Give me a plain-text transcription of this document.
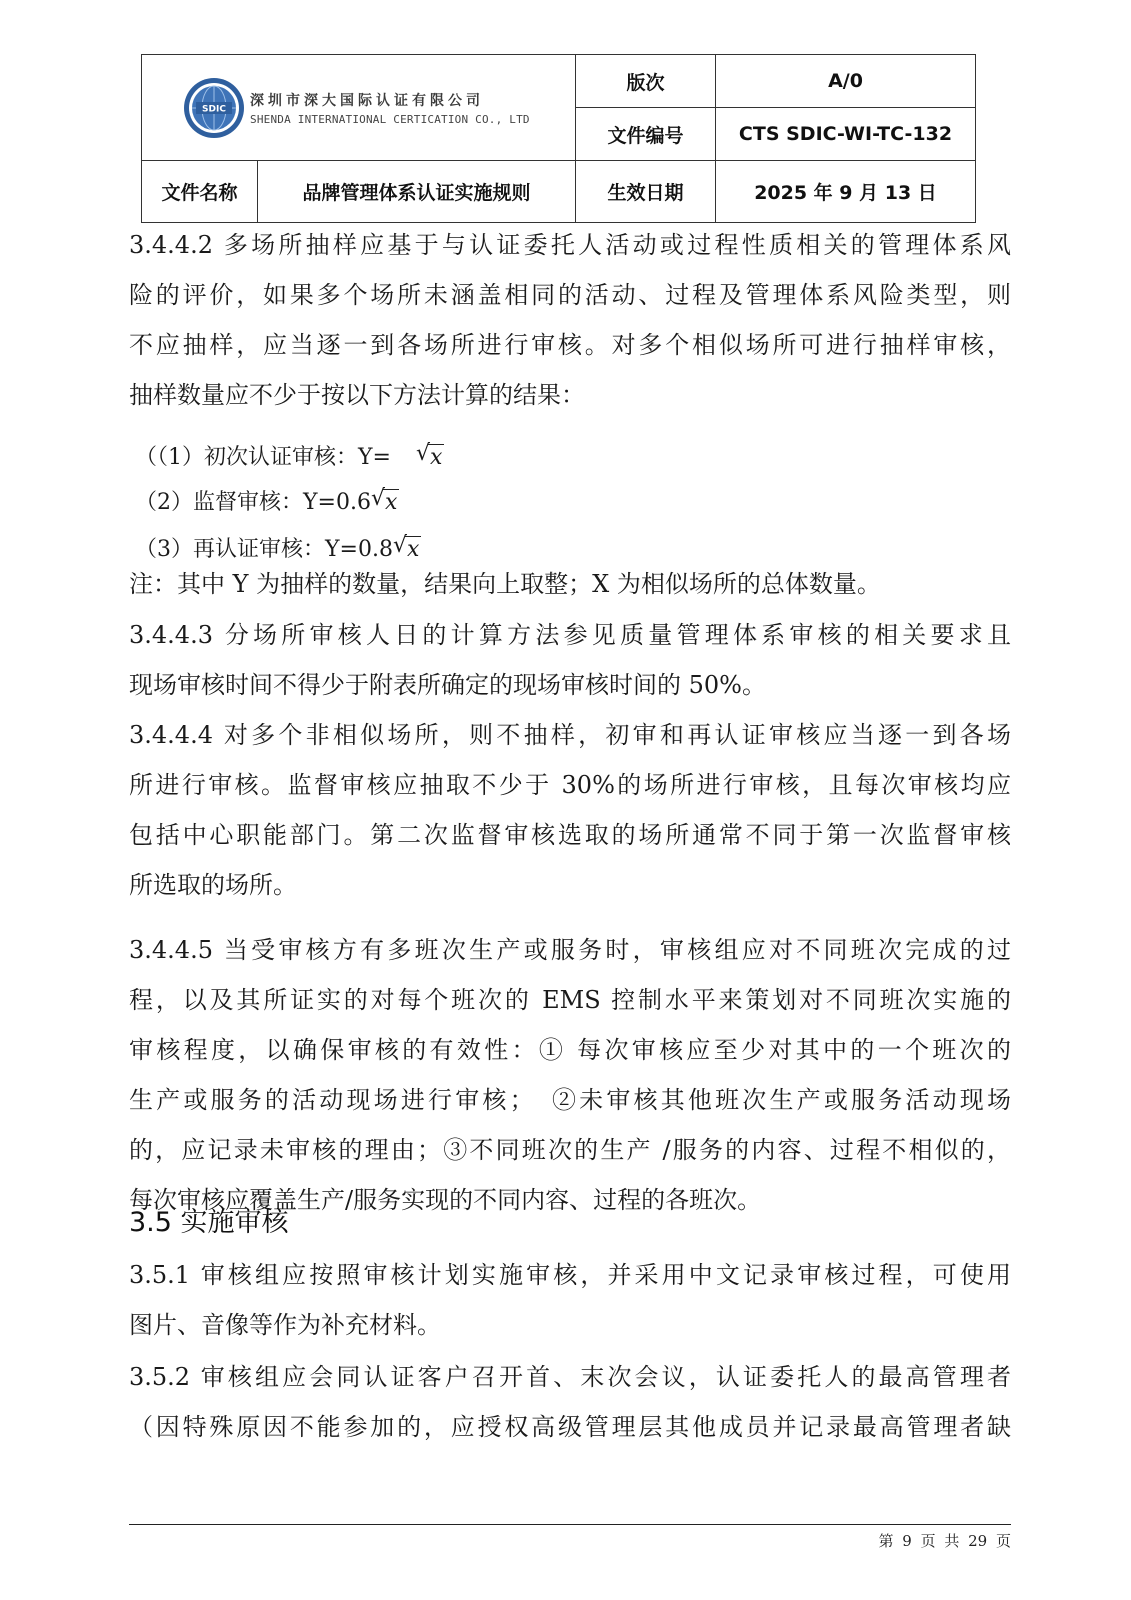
SDIC
深圳市深大国际认证有限公司
SHENDA INTERNATIONAL CERTICATION CO., LTD		版次	A/0
		文件编号	CTS SDIC-WI-TC-132
文件名称	品牌管理体系认证实施规则	生效日期	2025 年 9 月 13 日

3.4.4.2 多场所抽样应基于与认证委托人活动或过程性质相关的管理体系风

险的评价，如果多个场所未涵盖相同的活动、过程及管理体系风险类型，则

不应抽样，应当逐一到各场所进行审核。对多个相似场所可进行抽样审核，

抽样数量应不少于按以下方法计算的结果：

（（1）初次认证审核：Y= √ x
（2）监督审核：Y=0.6 √ x
（3）再认证审核：Y=0.8 √ x

注：其中 Y 为抽样的数量，结果向上取整；X 为相似场所的总体数量。

3.4.4.3 分场所审核人日的计算方法参见质量管理体系审核的相关要求且

现场审核时间不得少于附表所确定的现场审核时间的 50%。

3.4.4.4 对多个非相似场所，则不抽样，初审和再认证审核应当逐一到各场

所进行审核。监督审核应抽取不少于 30%的场所进行审核，且每次审核均应

包括中心职能部门。第二次监督审核选取的场所通常不同于第一次监督审核

所选取的场所。

3.4.4.5 当受审核方有多班次生产或服务时，审核组应对不同班次完成的过

程，以及其所证实的对每个班次的 EMS 控制水平来策划对不同班次实施的

审核程度，以确保审核的有效性：① 每次审核应至少对其中的一个班次的

生产或服务的活动现场进行审核；　②未审核其他班次生产或服务活动现场

的，应记录未审核的理由；③不同班次的生产 /服务的内容、过程不相似的，

每次审核应覆盖生产/服务实现的不同内容、过程的各班次。

3.5 实施审核

3.5.1 审核组应按照审核计划实施审核，并采用中文记录审核过程，可使用

图片、音像等作为补充材料。

3.5.2 审核组应会同认证客户召开首、末次会议，认证委托人的最高管理者

（因特殊原因不能参加的，应授权高级管理层其他成员并记录最高管理者缺

第 9 页 共 29 页
